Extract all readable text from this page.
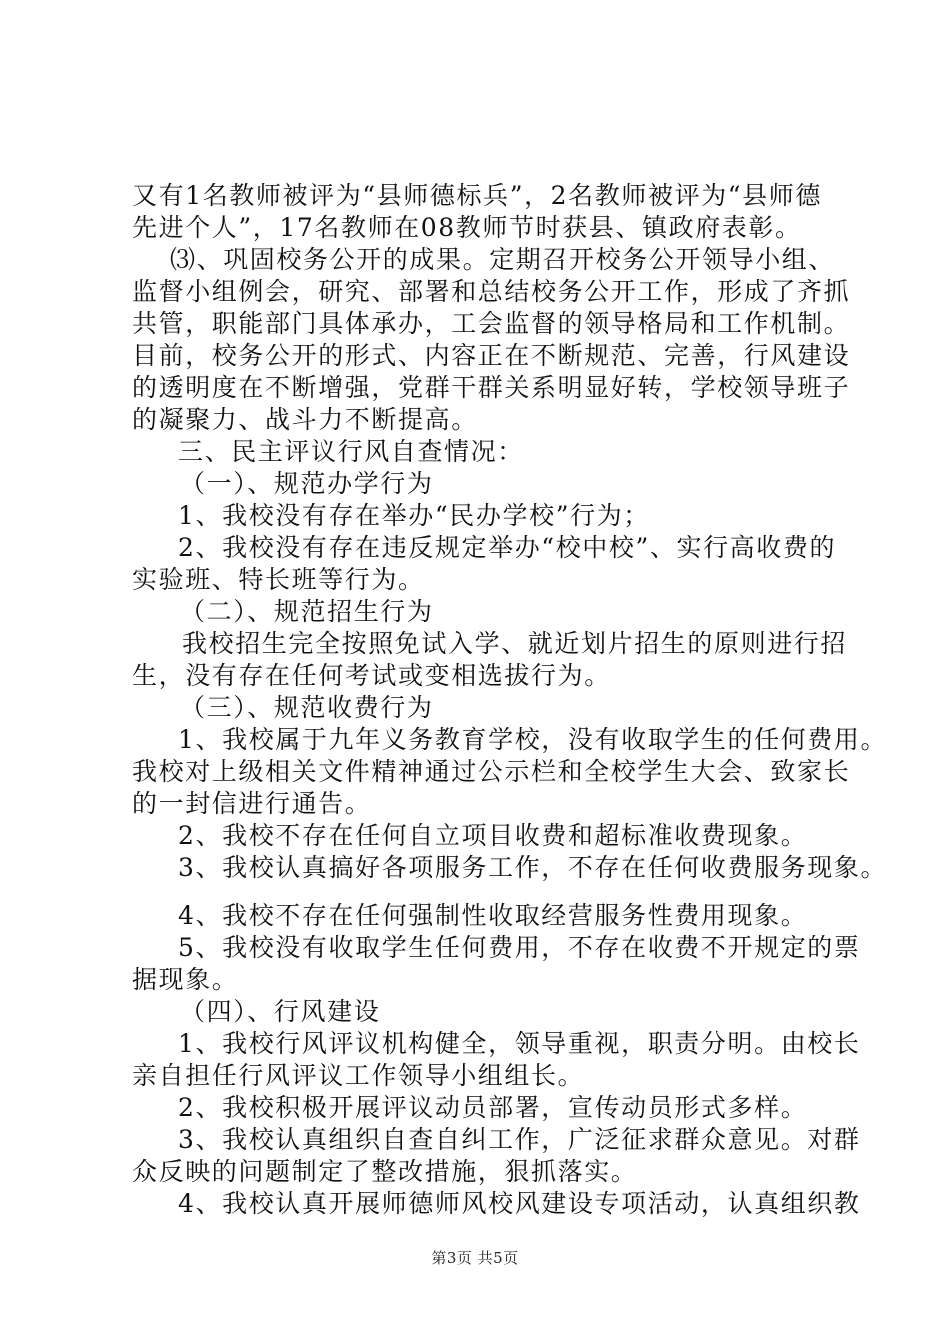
又有1名教师被评为“县师德标兵”，2名教师被评为“县师德
先进个人”，17名教师在08教师节时获县、镇政府表彰。
⑶、巩固校务公开的成果。定期召开校务公开领导小组、
监督小组例会，研究、部署和总结校务公开工作，形成了齐抓
共管，职能部门具体承办，工会监督的领导格局和工作机制。
目前，校务公开的形式、内容正在不断规范、完善，行风建设
的透明度在不断增强，党群干群关系明显好转，学校领导班子
的凝聚力、战斗力不断提高。
三、民主评议行风自查情况：
（一）、规范办学行为
1、我校没有存在举办“民办学校”行为；
2、我校没有存在违反规定举办“校中校”、实行高收费的
实验班、特长班等行为。
（二）、规范招生行为
我校招生完全按照免试入学、就近划片招生的原则进行招
生，没有存在任何考试或变相选拔行为。
（三）、规范收费行为
1、我校属于九年义务教育学校，没有收取学生的任何费用。
我校对上级相关文件精神通过公示栏和全校学生大会、致家长
的一封信进行通告。
2、我校不存在任何自立项目收费和超标准收费现象。
3、我校认真搞好各项服务工作，不存在任何收费服务现象。
4、我校不存在任何强制性收取经营服务性费用现象。
5、我校没有收取学生任何费用，不存在收费不开规定的票
据现象。
（四）、行风建设
1、我校行风评议机构健全，领导重视，职责分明。由校长
亲自担任行风评议工作领导小组组长。
2、我校积极开展评议动员部署，宣传动员形式多样。
3、我校认真组织自查自纠工作，广泛征求群众意见。对群
众反映的问题制定了整改措施，狠抓落实。
4、我校认真开展师德师风校风建设专项活动，认真组织教
第3页 共5页
